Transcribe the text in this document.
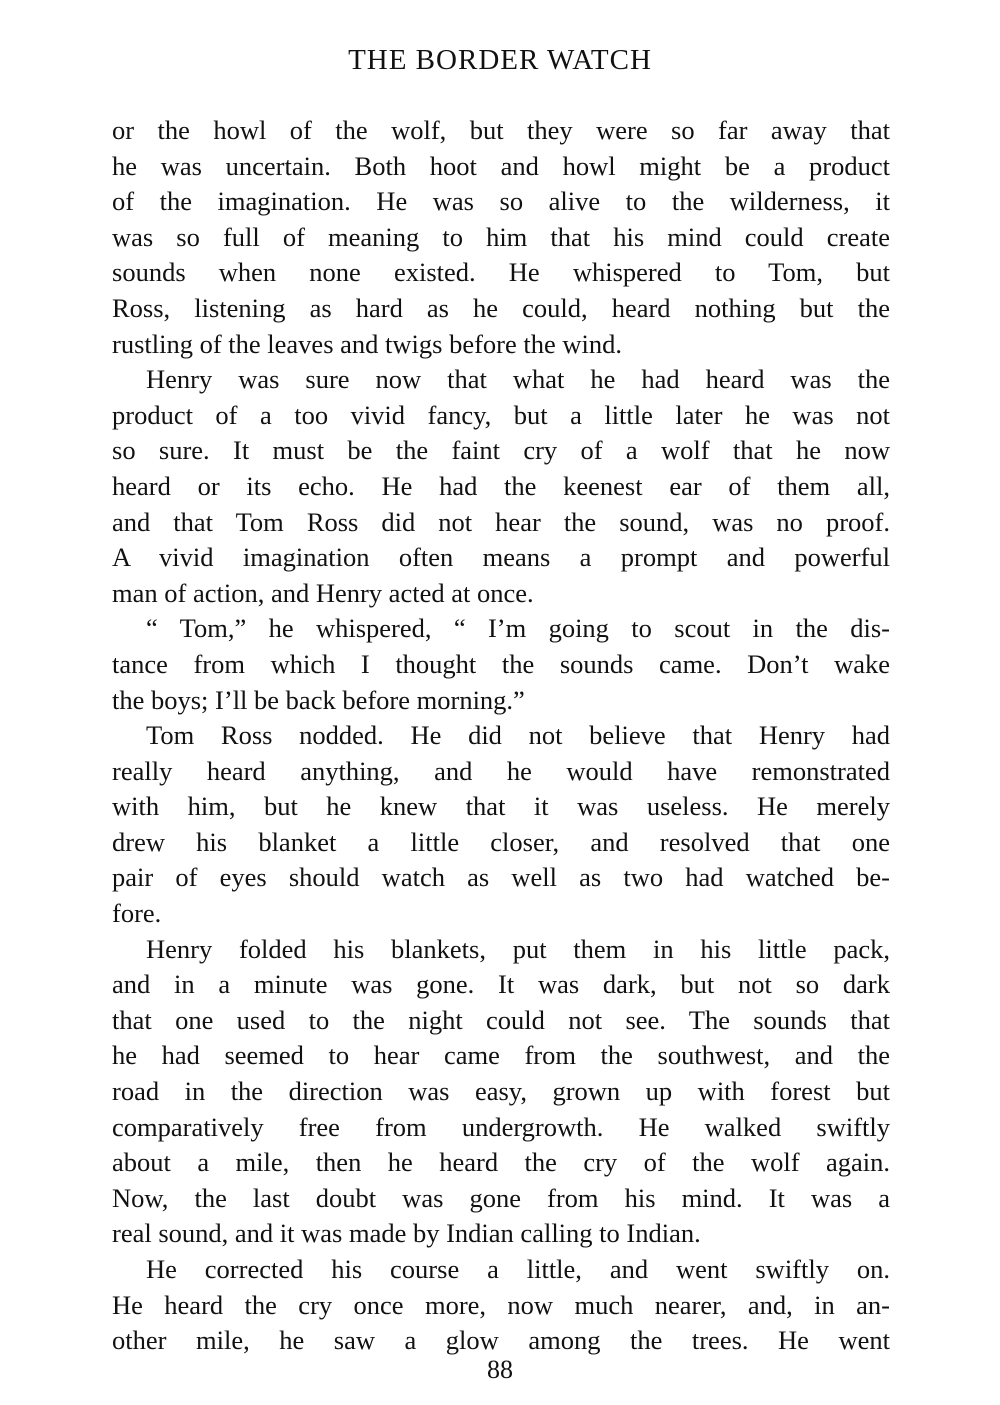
THE BORDER WATCH
or the howl of the wolf, but they were so far away that
he was uncertain. Both hoot and howl might be a product
of the imagination. He was so alive to the wilderness, it
was so full of meaning to him that his mind could create
sounds when none existed. He whispered to Tom, but
Ross, listening as hard as he could, heard nothing but the
rustling of the leaves and twigs before the wind.
Henry was sure now that what he had heard was the
product of a too vivid fancy, but a little later he was not
so sure. It must be the faint cry of a wolf that he now
heard or its echo. He had the keenest ear of them all,
and that Tom Ross did not hear the sound, was no proof.
A vivid imagination often means a prompt and powerful
man of action, and Henry acted at once.
“ Tom,” he whispered, “ I’m going to scout in the dis-
tance from which I thought the sounds came. Don’t wake
the boys; I’ll be back before morning.”
Tom Ross nodded. He did not believe that Henry had
really heard anything, and he would have remonstrated
with him, but he knew that it was useless. He merely
drew his blanket a little closer, and resolved that one
pair of eyes should watch as well as two had watched be-
fore.
Henry folded his blankets, put them in his little pack,
and in a minute was gone. It was dark, but not so dark
that one used to the night could not see. The sounds that
he had seemed to hear came from the southwest, and the
road in the direction was easy, grown up with forest but
comparatively free from undergrowth. He walked swiftly
about a mile, then he heard the cry of the wolf again.
Now, the last doubt was gone from his mind. It was a
real sound, and it was made by Indian calling to Indian.
He corrected his course a little, and went swiftly on.
He heard the cry once more, now much nearer, and, in an-
other mile, he saw a glow among the trees. He went
88
